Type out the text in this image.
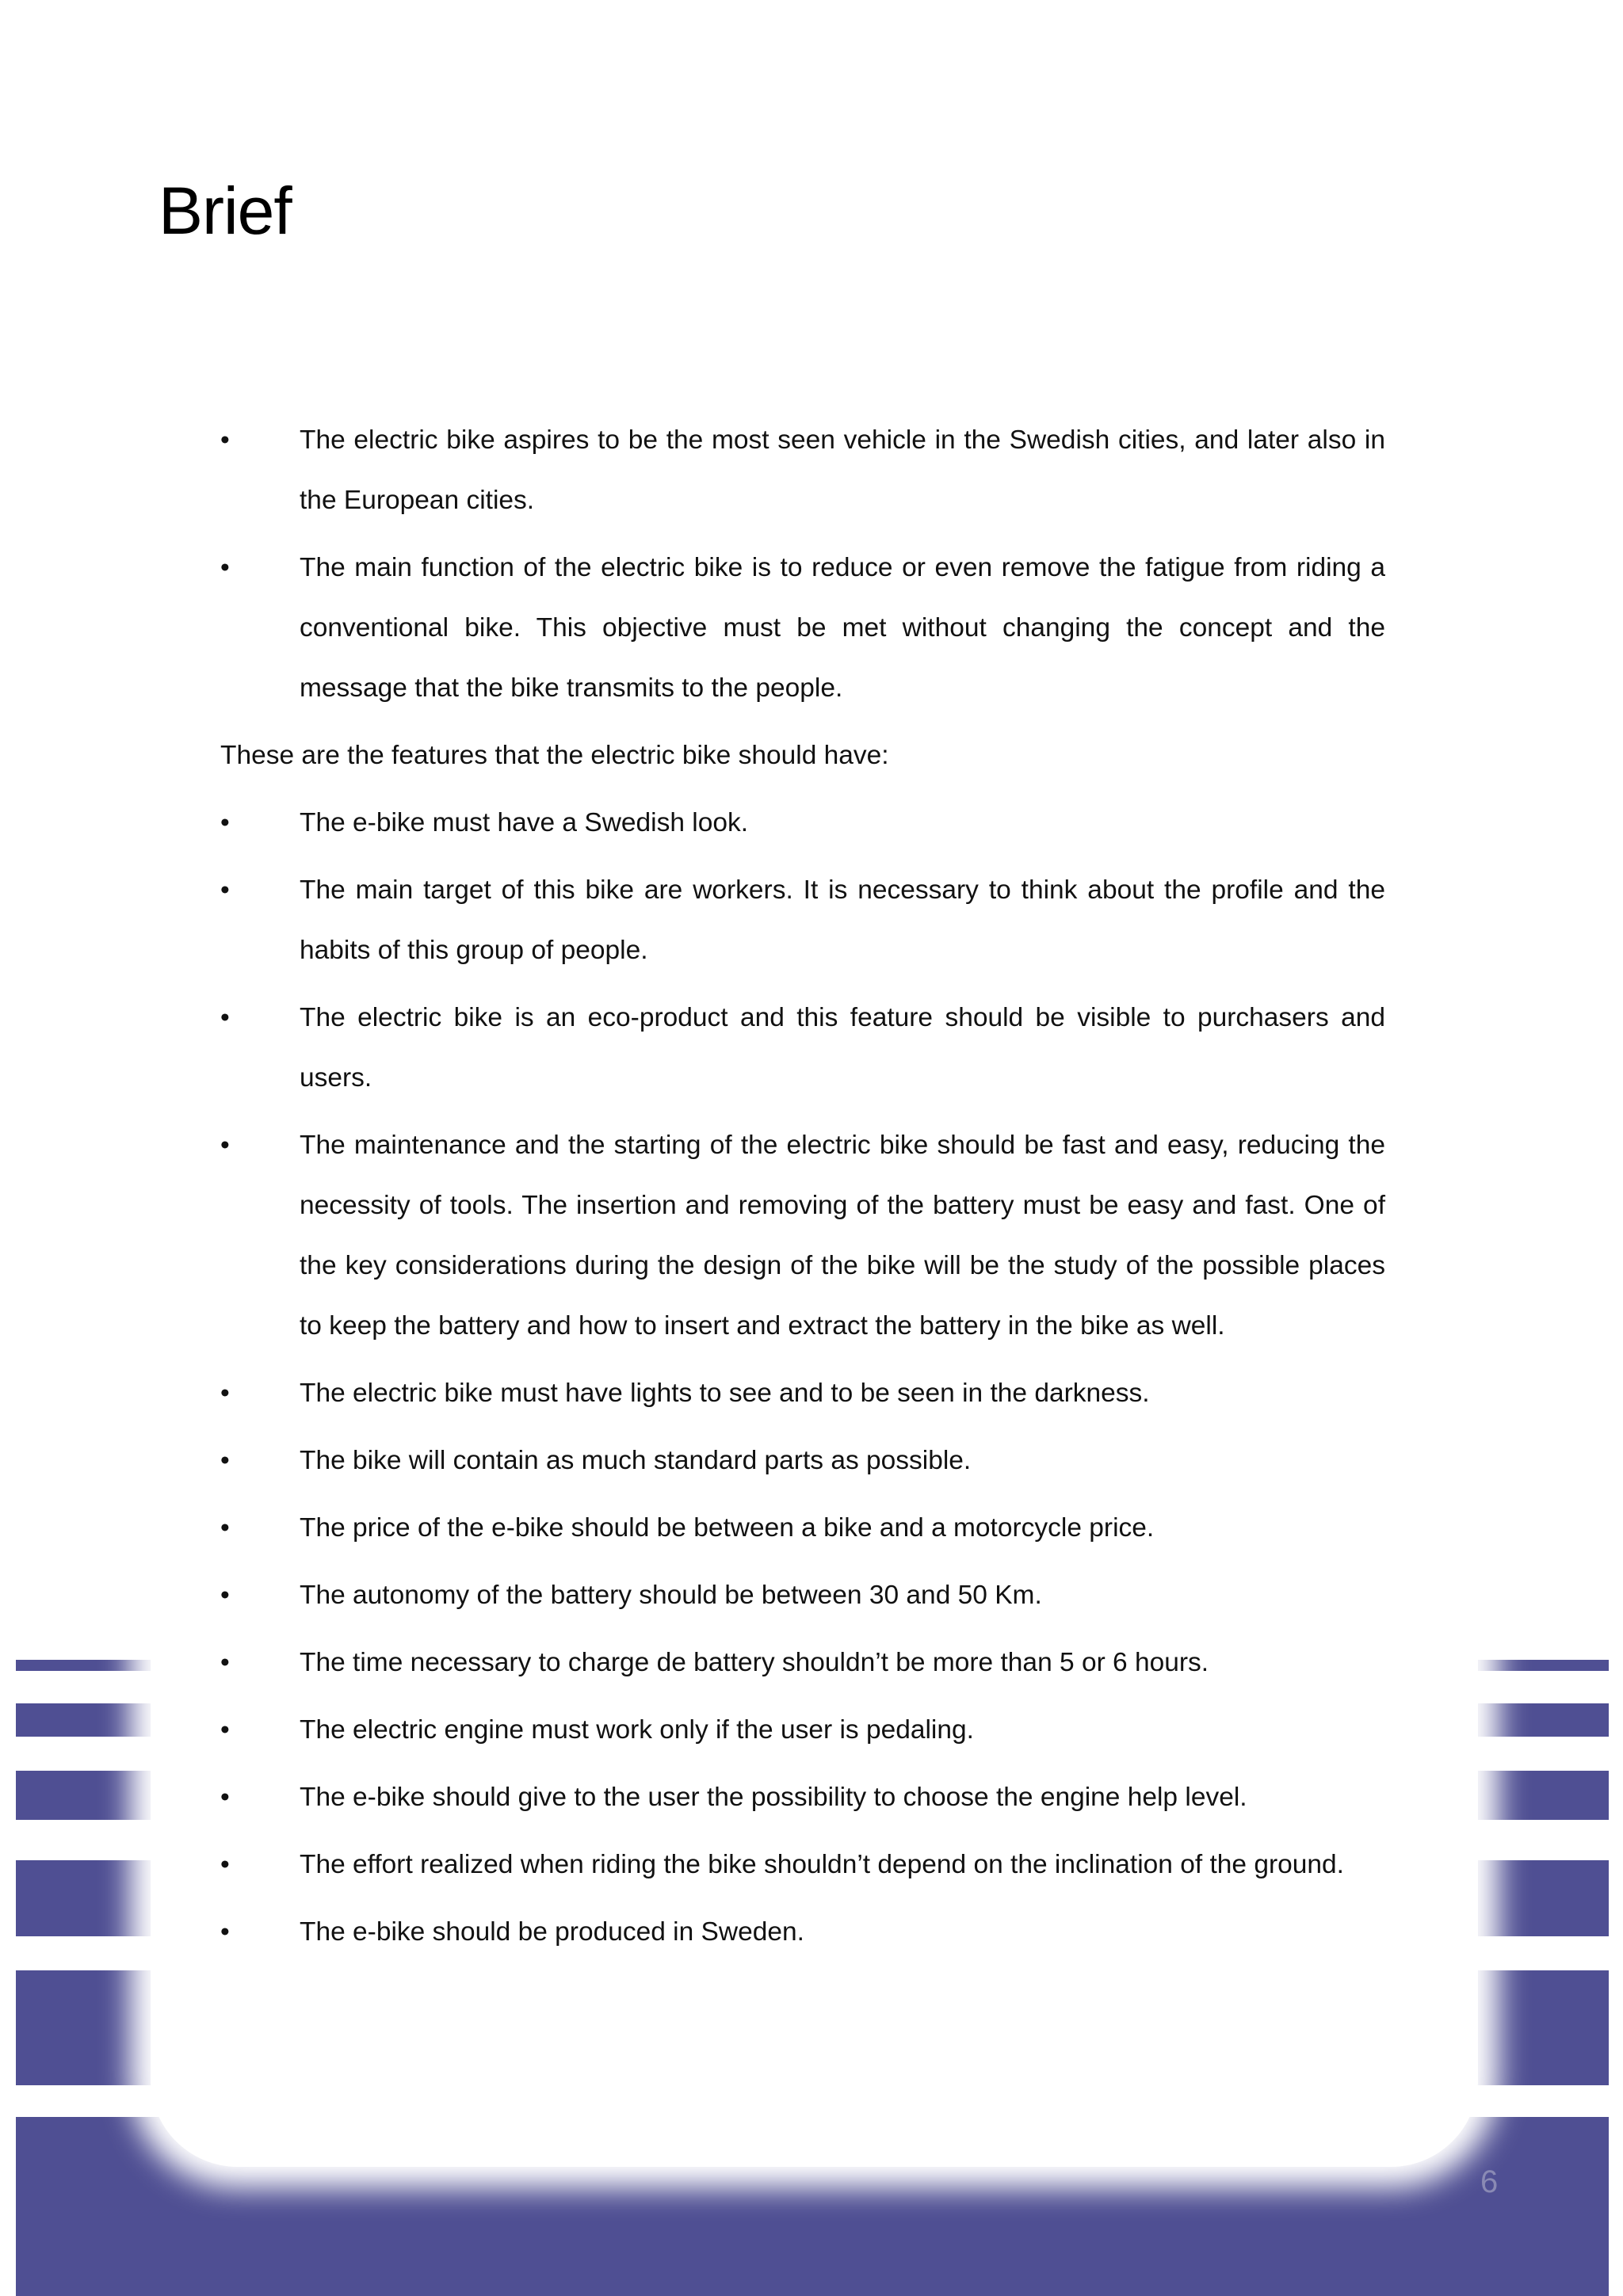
Brief
•	The electric bike aspires to be the most seen vehicle in the Swedish cities, and later also in the European cities.
•	The main function of the electric bike is to reduce or even remove the fatigue from riding a conventional bike. This objective must be met without changing the concept and the message that the bike transmits to the people.
These are the features that the electric bike should have:
•	The e-bike must have a Swedish look.
•	The main target of this bike are workers. It is necessary to think about the profile and the habits of this group of people.
•	The electric bike is an eco-product and this feature should be visible to purchasers and users.
•	The maintenance and the starting of the electric bike should be fast and easy, reducing the necessity of tools. The insertion and removing of the battery must be easy and fast. One of the key considerations during the design of the bike will be the study of the possible places to keep the battery and how to insert and extract the battery in the bike as well.
•	The electric bike must have lights to see and to be seen in the darkness.
•	The bike will contain as much standard parts as possible.
•	The price of the e-bike should be between a bike and a motorcycle price.
•	The autonomy of the battery should be between 30 and 50 Km.
•	The time necessary to charge de battery shouldn’t be more than 5 or 6 hours.
•	The electric engine must work only if the user is pedaling.
•	The e-bike should give to the user the possibility to choose the engine help level.
•	The effort realized when riding the bike shouldn’t depend on the inclination of the ground.
•	The e-bike should be produced in Sweden.
6
